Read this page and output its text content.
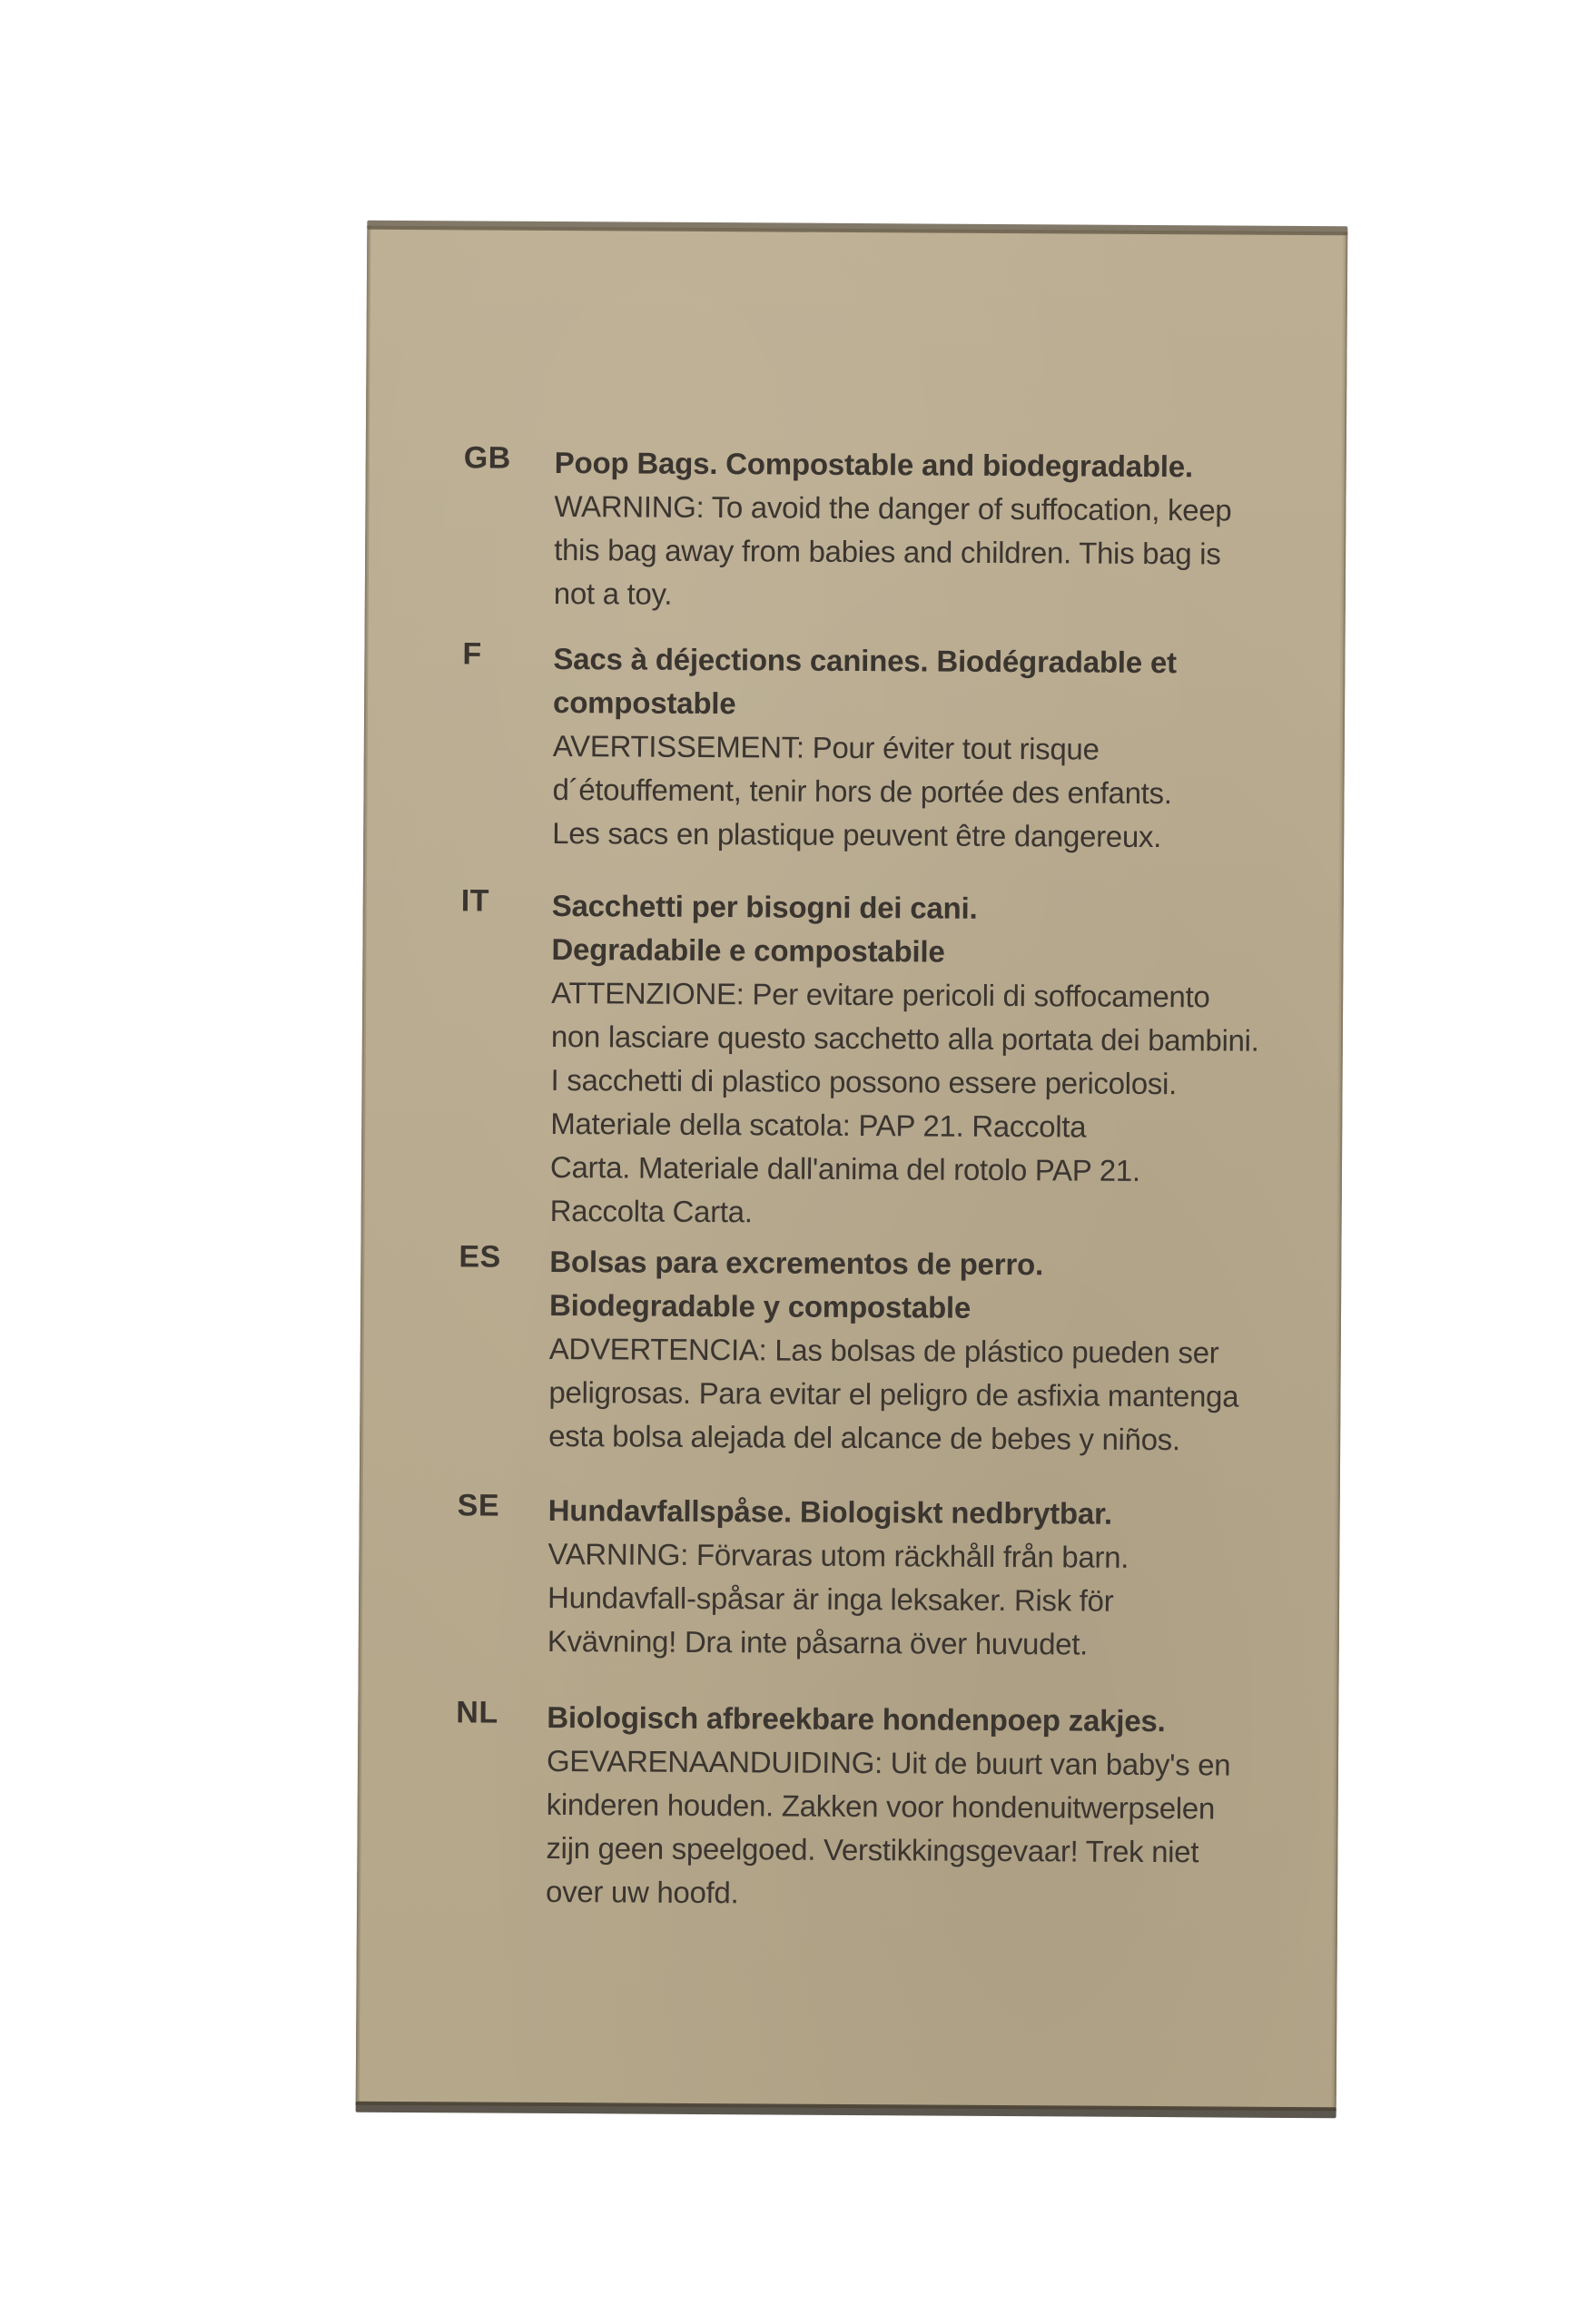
GB	Poop Bags. Compostable and biodegradable.
WARNING: To avoid the danger of suffocation, keep
this bag away from babies and children. This bag is
not a toy.
F	Sacs à déjections canines. Biodégradable et
compostable
AVERTISSEMENT: Pour éviter tout risque
d´étouffement, tenir hors de portée des enfants.
Les sacs en plastique peuvent être dangereux.
IT	Sacchetti per bisogni dei cani.
Degradabile e compostabile
ATTENZIONE: Per evitare pericoli di soffocamento
non lasciare questo sacchetto alla portata dei bambini.
I sacchetti di plastico possono essere pericolosi.
Materiale della scatola: PAP 21. Raccolta
Carta. Materiale dall'anima del rotolo PAP 21.
Raccolta Carta.
ES	Bolsas para excrementos de perro.
Biodegradable y compostable
ADVERTENCIA: Las bolsas de plástico pueden ser
peligrosas. Para evitar el peligro de asfixia mantenga
esta bolsa alejada del alcance de bebes y niños.
SE	Hundavfallspåse. Biologiskt nedbrytbar.
VARNING: Förvaras utom räckhåll från barn.
Hundavfall-spåsar är inga leksaker. Risk för
Kvävning! Dra inte påsarna över huvudet.
NL	Biologisch afbreekbare hondenpoep zakjes.
GEVARENAANDUIDING: Uit de buurt van baby's en
kinderen houden. Zakken voor hondenuitwerpselen
zijn geen speelgoed. Verstikkingsgevaar! Trek niet
over uw hoofd.
